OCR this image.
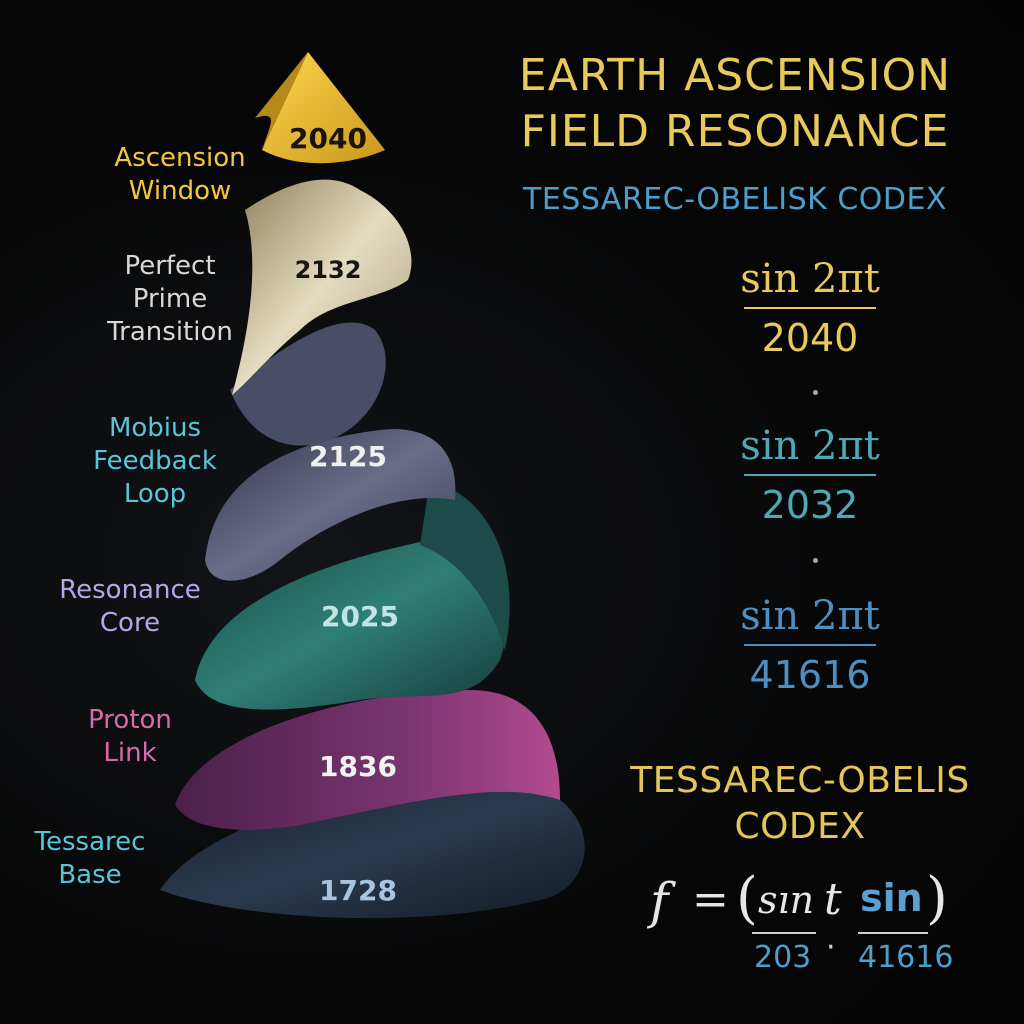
Ascension
Window
Perfect
Prime
Transition
Mobius
Feedback
Loop
Resonance
Core
Proton
Link
Tessarec
Base
2040
2132
2125
2025
1836
1728
EARTH ASCENSION
FIELD RESONANCE
TESSAREC-OBELISK CODEX
sin 2πt
2040
sin 2πt
2032
sin 2πt
41616
TESSAREC-OBELIS
CODEX
f = ( sın t sin )
203 · 41616
